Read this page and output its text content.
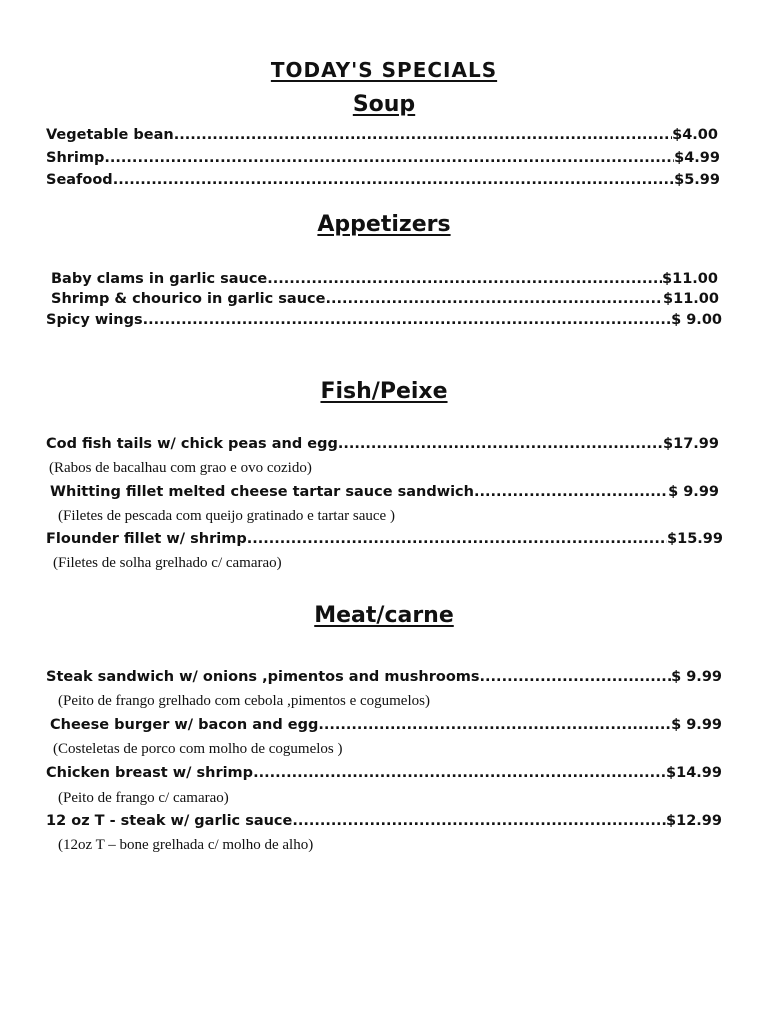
TODAY'S SPECIALS
Soup
Vegetable bean .....	$4.00
Shrimp .....	$4.99
Seafood .....	$5.99
Appetizers
Baby clams in garlic sauce .....	$11.00
Shrimp & chourico in garlic sauce .....	$11.00
Spicy wings .....	$ 9.00
Fish/Peixe
Cod fish tails w/ chick peas and egg .....	$17.99
(Rabos de bacalhau com grao e ovo cozido)
Whitting fillet melted cheese tartar sauce sandwich .....	$ 9.99
(Filetes de pescada com queijo gratinado e tartar sauce )
Flounder fillet w/ shrimp .....	$15.99
(Filetes de solha grelhado c/ camarao)
Meat/carne
Steak sandwich w/ onions ,pimentos and mushrooms .....	$ 9.99
(Peito de frango grelhado com cebola ,pimentos e cogumelos)
Cheese burger w/ bacon and egg .....	$ 9.99
(Costeletas de porco com molho de cogumelos )
Chicken breast w/ shrimp .....	$14.99
(Peito de frango c/ camarao)
12 oz T - steak w/ garlic sauce .....	$12.99
(12oz T – bone grelhada c/ molho de alho)
